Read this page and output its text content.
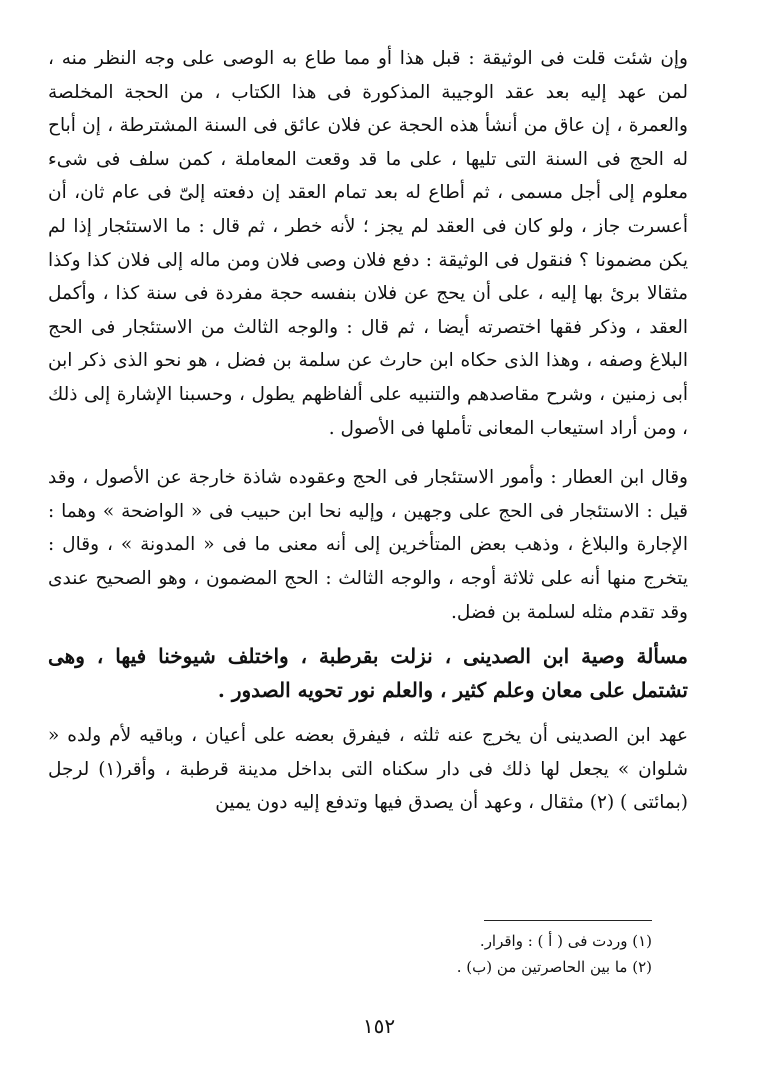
وإن شئت قلت فى الوثيقة : قبل هذا أو مما طاع به الوصى على وجه النظر منه ، لمن عهد إليه بعد عقد الوجيبة المذكورة فى هذا الكتاب ، من الحجة المخلصة والعمرة ، إن عاق من أنشأ هذه الحجة عن فلان عائق فى السنة المشترطة ، إن أباح له الحج فى السنة التى تليها ، على ما قد وقعت المعاملة ، كمن سلف فى شىء معلوم إلى أجل مسمى ، ثم أطاع له بعد تمام العقد إن دفعته إلىّ فى عام ثان، أن أعسرت جاز ، ولو كان فى العقد لم يجز ؛ لأنه خطر ، ثم قال : ما الاستئجار إذا لم يكن مضمونا ؟ فنقول فى الوثيقة : دفع فلان وصى فلان ومن ماله إلى فلان كذا وكذا مثقالا برئ بها إليه ، على أن يحج عن فلان بنفسه حجة مفردة فى سنة كذا ، وأكمل العقد ، وذكر فقها اختصرته أيضا ، ثم قال : والوجه الثالث من الاستئجار فى الحج البلاغ وصفه ، وهذا الذى حكاه ابن حارث عن سلمة بن فضل ، هو نحو الذى ذكر ابن أبى زمنين ، وشرح مقاصدهم والتنبيه على ألفاظهم يطول ، وحسبنا الإشارة إلى ذلك ، ومن أراد استيعاب المعانى تأملها فى الأصول .

وقال ابن العطار : وأمور الاستئجار فى الحج وعقوده شاذة خارجة عن الأصول ، وقد قيل : الاستئجار فى الحج على وجهين ، وإليه نحا ابن حبيب فى « الواضحة » وهما : الإجارة والبلاغ ، وذهب بعض المتأخرين إلى أنه معنى ما فى « المدونة » ، وقال : يتخرج منها أنه على ثلاثة أوجه ، والوجه الثالث : الحج المضمون ، وهو الصحيح عندى وقد تقدم مثله لسلمة بن فضل.

مسألة وصية ابن الصدينى ، نزلت بقرطبة ، واختلف شيوخنا فيها ، وهى تشتمل على معان وعلم كثير ، والعلم نور تحويه الصدور .

عهد ابن الصدينى أن يخرج عنه ثلثه ، فيفرق بعضه على أعيان ، وباقيه لأم ولده « شلوان » يجعل لها ذلك فى دار سكناه التى بداخل مدينة قرطبة ، وأقر(١) لرجل (بمائتى ) (٢) مثقال ، وعهد أن يصدق فيها وتدفع إليه دون يمين

(١) وردت فى ( أ ) : واقرار.

(٢) ما بين الحاصرتين من (ب) .

١٥٢
